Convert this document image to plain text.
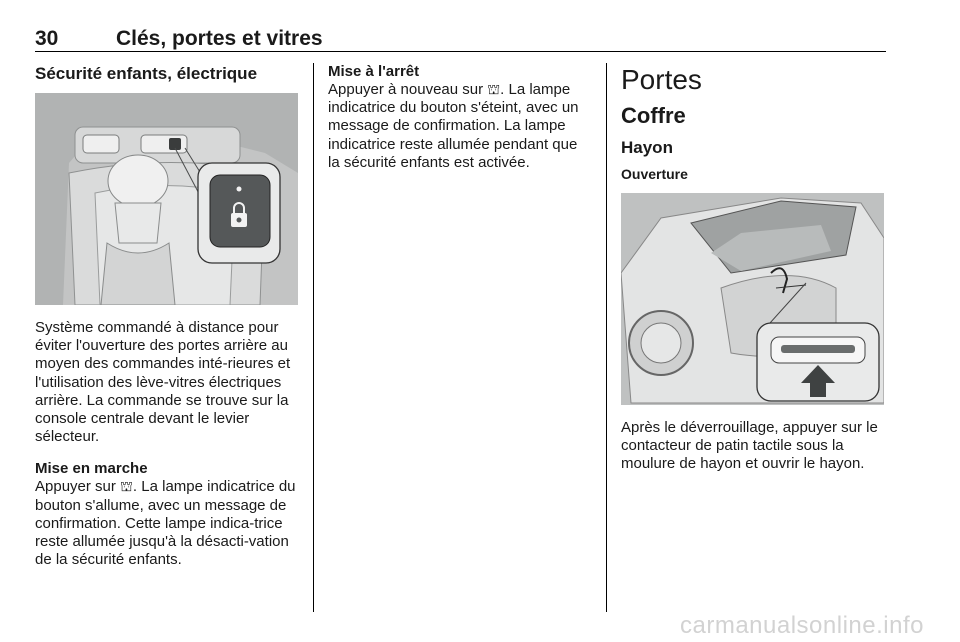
30	Clés, portes et vitres
Sécurité enfants, électrique

Système commandé à distance pour éviter l'ouverture des portes arrière au moyen des commandes inté-rieures et l'utilisation des lève-vitres électriques arrière. La commande se trouve sur la console centrale devant le levier sélecteur.

Mise en marche

Appuyer sur ⛫. La lampe indicatrice du bouton s'allume, avec un message de confirmation. Cette lampe indica-trice reste allumée jusqu'à la désacti-vation de la sécurité enfants.

Mise à l'arrêt

Appuyer à nouveau sur ⛫. La lampe indicatrice du bouton s'éteint, avec un message de confirmation. La lampe indicatrice reste allumée pendant que la sécurité enfants est activée.

Portes
Coffre
Hayon
Ouverture

Après le déverrouillage, appuyer sur le contacteur de patin tactile sous la moulure de hayon et ouvrir le hayon.

carmanualsonline.info
